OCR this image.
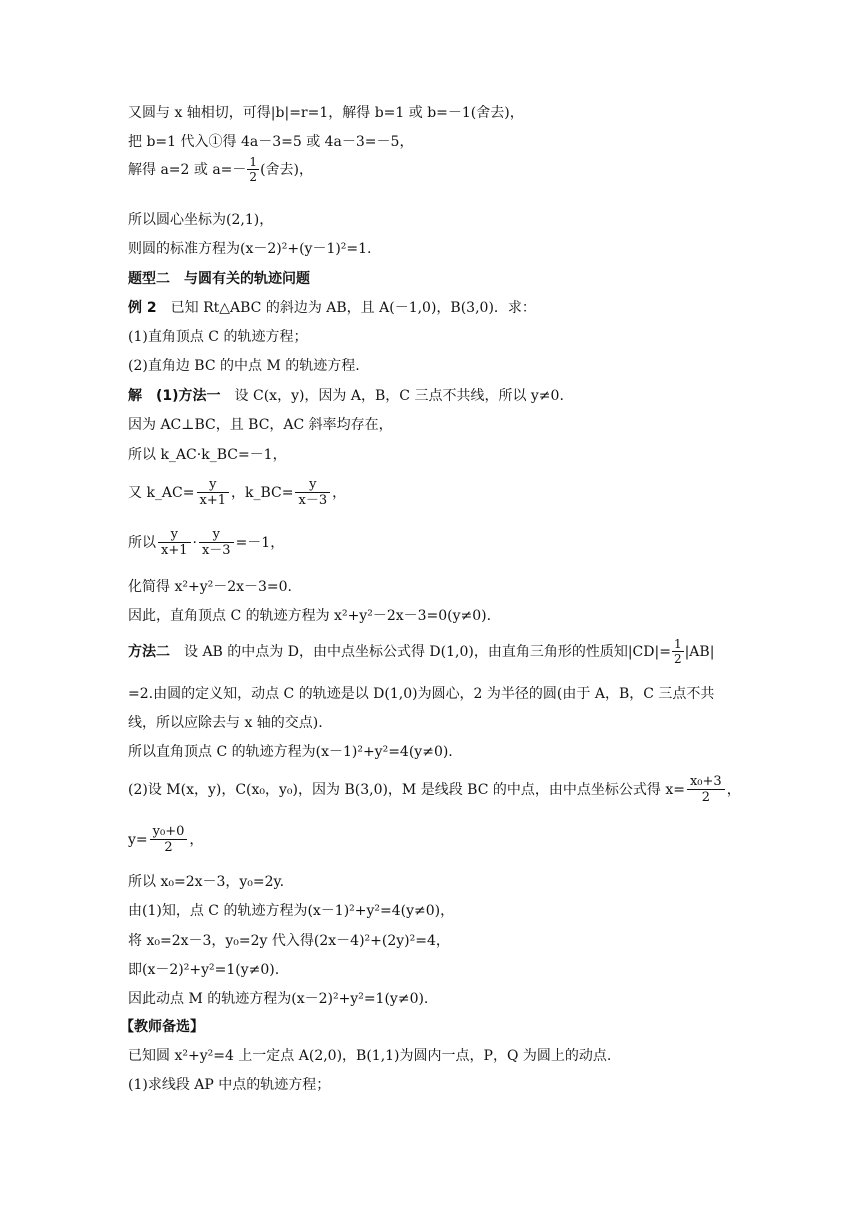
又圆与 x 轴相切，可得|b|=r=1，解得 b=1 或 b=－1(舍去)，
把 b=1 代入①得 4a－3=5 或 4a－3=－5，
解得 a=2 或 $a=- \frac{1}{2}$ (舍去)，
所以圆心坐标为(2,1)，
则圆的标准方程为(x－2)²+(y－1)²=1.
题型二　与圆有关的轨迹问题
例 2　已知 Rt△ABC 的斜边为 AB，且 A(－1,0)，B(3,0)．求：
(1)直角顶点 C 的轨迹方程；
(2)直角边 BC 的中点 M 的轨迹方程.
解　(1)方法一　设 C(x，y)，因为 A，B，C 三点不共线，所以 y≠0.
因为 AC⊥BC，且 BC，AC 斜率均存在，
所以 k_AC·k_BC=－1，
又 k_AC= $\frac{y}{x+1}$ ，k_BC= $\frac{y}{x-3}$ ，
所以 $\frac{y}{x+1} \cdot \frac{y}{x-3} =-1$，
化简得 x²+y²－2x－3=0.
因此，直角顶点 C 的轨迹方程为 x²+y²－2x－3=0(y≠0).
方法二　设 AB 的中点为 D，由中点坐标公式得 D(1,0)，由直角三角形的性质知$|CD|= \frac{1}{2} |AB|$
=2.由圆的定义知，动点 C 的轨迹是以 D(1,0)为圆心，2 为半径的圆(由于 A，B，C 三点不共
线，所以应除去与 x 轴的交点).
所以直角顶点 C 的轨迹方程为(x－1)²+y²=4(y≠0).
(2)设 M(x，y)，C(x₀，y₀)，因为 B(3,0)，M 是线段 BC 的中点，由中点坐标公式得 $x= \frac{\text{x₀+3}}{2}$ ，
$y= \frac{\text{y₀+0}}{2}$ ，
所以 x₀=2x－3，y₀=2y.
由(1)知，点 C 的轨迹方程为(x－1)²+y²=4(y≠0)，
将 x₀=2x－3，y₀=2y 代入得(2x－4)²+(2y)²=4，
即(x－2)²+y²=1(y≠0).
因此动点 M 的轨迹方程为(x－2)²+y²=1(y≠0).
【教师备选】
已知圆 x²+y²=4 上一定点 A(2,0)，B(1,1)为圆内一点，P，Q 为圆上的动点.
(1)求线段 AP 中点的轨迹方程；
